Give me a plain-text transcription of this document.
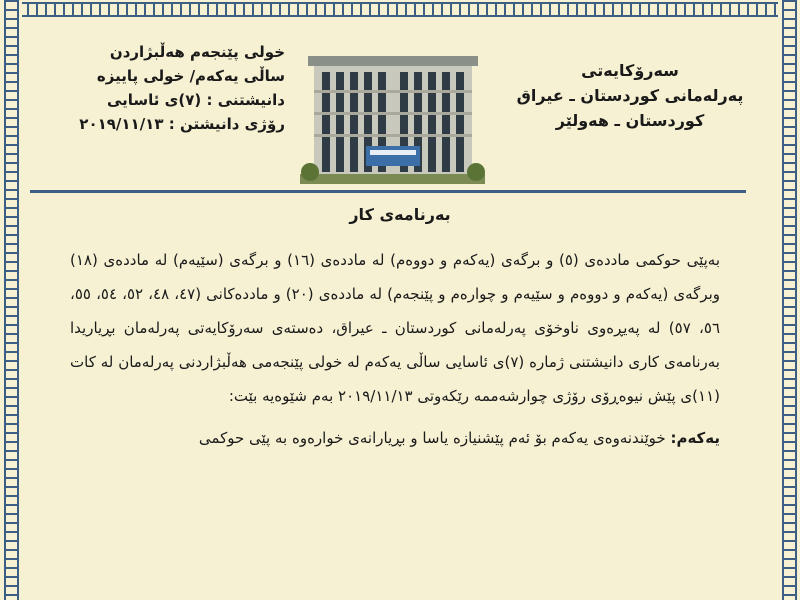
سەرۆكایەتی
پەرلەمانی كوردستان ـ عیراق
كوردستان ـ هەولێر
خولی پێنجەم هەڵبژاردن
ساڵی یەكەم/ خولی پاییزە
دانیشتنی : (٧)ی ئاسایی
رۆژی دانیشتن : ٢٠١٩/١١/١٣
بەرنامەی كار

بەپێی حوكمی ماددەی (٥) و برگەی (یەكەم و دووەم) لە ماددەی (١٦) و برگەی (سێیەم) لە ماددەی (١٨) وبرگەی (یەكەم و دووەم و سێیەم و چوارەم و پێنجەم) لە ماددەی (٢٠) و ماددەكانی (٤٧، ٤٨، ٥٢، ٥٤، ٥٥، ٥٦، ٥٧) لە پەیڕەوی ناوخۆی پەرلەمانی كوردستان ـ عیراق، دەستەی سەرۆكایەتی پەرلەمان بڕیاریدا بەرنامەی كاری دانیشتنی ژمارە (٧)ی ئاسایی ساڵی یەكەم لە خولی پێنجەمی هەڵبژاردنی پەرلەمان لە كات (١١)ی پێش نیوەڕۆی رۆژی چوارشەممە رێكەوتی ٢٠١٩/١١/١٣ بەم شێوەیە بێت:

یەكەم: خوێندنەوەی یەكەم بۆ ئەم پێشنیازە یاسا و بڕیارانەی خوارەوە بە پێی حوكمی
